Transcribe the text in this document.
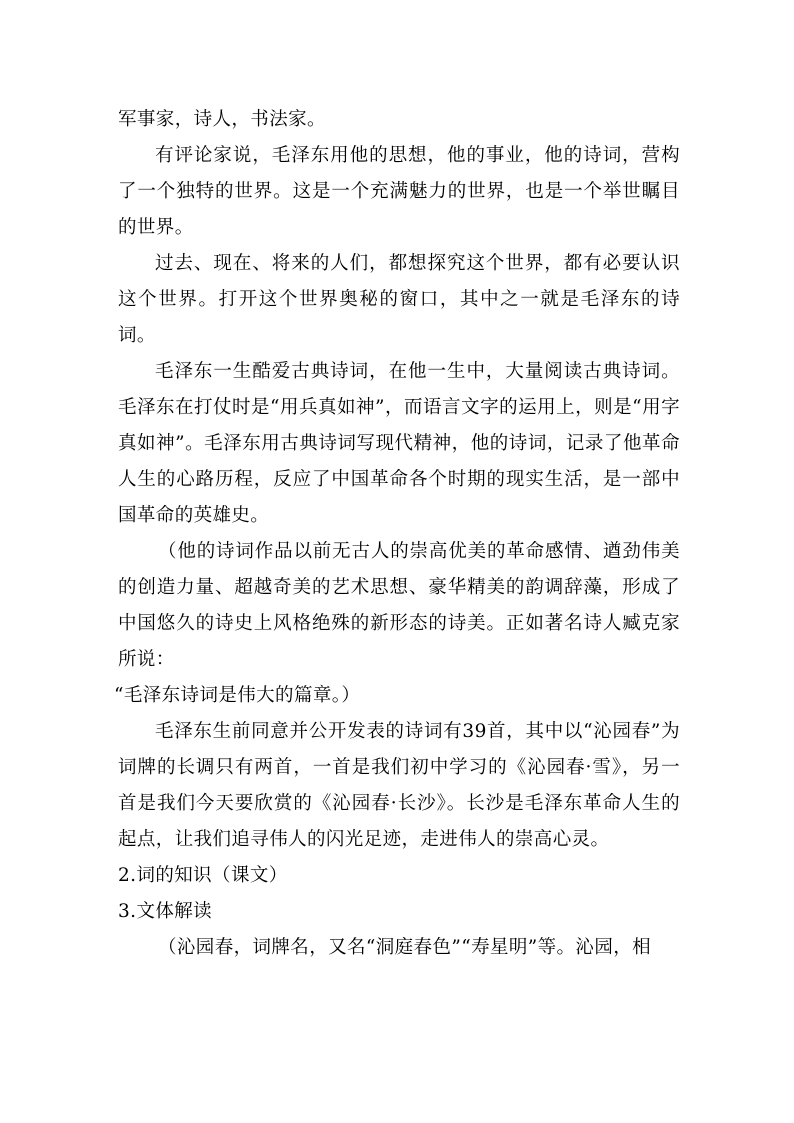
军事家，诗人，书法家。

有评论家说，毛泽东用他的思想，他的事业，他的诗词，营构了一个独特的世界。这是一个充满魅力的世界，也是一个举世瞩目的世界。

过去、现在、将来的人们，都想探究这个世界，都有必要认识这个世界。打开这个世界奥秘的窗口，其中之一就是毛泽东的诗词。

毛泽东一生酷爱古典诗词，在他一生中，大量阅读古典诗词。毛泽东在打仗时是“用兵真如神”，而语言文字的运用上，则是“用字真如神”。毛泽东用古典诗词写现代精神，他的诗词，记录了他革命人生的心路历程，反应了中国革命各个时期的现实生活，是一部中国革命的英雄史。

（他的诗词作品以前无古人的崇高优美的革命感情、遒劲伟美的创造力量、超越奇美的艺术思想、豪华精美的韵调辞藻，形成了中国悠久的诗史上风格绝殊的新形态的诗美。正如著名诗人臧克家所说：

“毛泽东诗词是伟大的篇章。）

毛泽东生前同意并公开发表的诗词有39首，其中以“沁园春”为词牌的长调只有两首，一首是我们初中学习的《沁园春·雪》，另一首是我们今天要欣赏的《沁园春·长沙》。长沙是毛泽东革命人生的起点，让我们追寻伟人的闪光足迹，走进伟人的崇高心灵。

2.词的知识（课文）

3.文体解读

（沁园春，词牌名，又名“洞庭春色”“寿星明”等。沁园，相
